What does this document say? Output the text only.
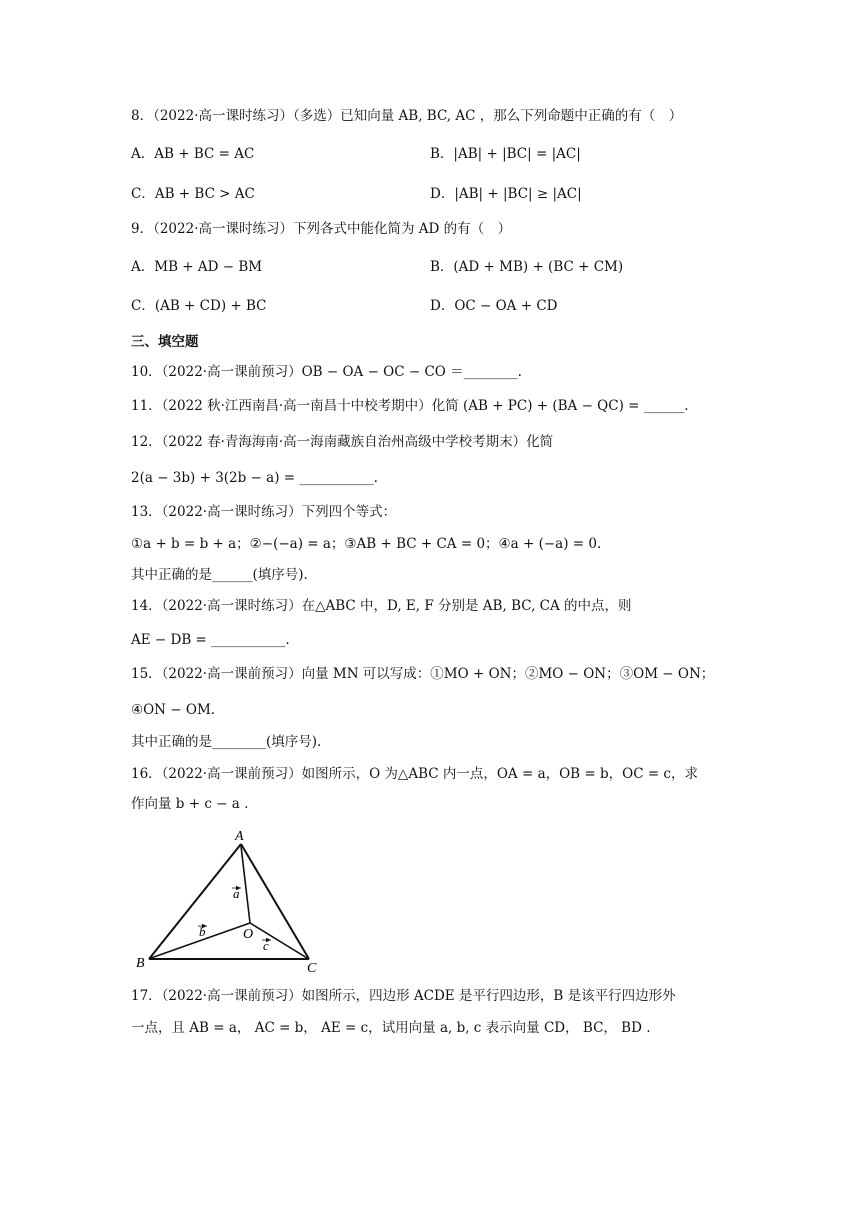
8．（2022·高一课时练习）（多选）已知向量 AB, BC, AC ，那么下列命题中正确的有（　）
A．AB + BC = AC	B．|AB| + |BC| = |AC|
C．AB + BC > AC	D．|AB| + |BC| ≥ |AC|
9．（2022·高一课时练习）下列各式中能化简为 AD 的有（　）
A．MB + AD − BM	B．(AD + MB) + (BC + CM)
C．(AB + CD) + BC	D．OC − OA + CD
三、填空题
10．（2022·高一课前预习）OB − OA − OC − CO ＝________.
11．（2022 秋·江西南昌·高一南昌十中校考期中）化简 (AB + PC) + (BA − QC) = ______.
12．（2022 春·青海海南·高一海南藏族自治州高级中学校考期末）化简
2(a − 3b) + 3(2b − a) = ___________.
13．（2022·高一课时练习）下列四个等式：
①a + b = b + a；②−(−a) = a；③AB + BC + CA = 0；④a + (−a) = 0.
其中正确的是______(填序号).
14．（2022·高一课时练习）在△ABC 中，D, E, F 分别是 AB, BC, CA 的中点，则
AE − DB = ___________.
15．（2022·高一课前预习）向量 MN 可以写成：①MO + ON；②MO − ON；③OM − ON；
④ON − OM.
其中正确的是________(填序号).
16．（2022·高一课前预习）如图所示，O 为△ABC 内一点，OA = a，OB = b，OC = c，求
作向量 b + c − a .
A
B	C
O
a
b
c
17．（2022·高一课前预习）如图所示，四边形 ACDE 是平行四边形，B 是该平行四边形外
一点，且 AB = a， AC = b， AE = c，试用向量 a, b, c 表示向量 CD， BC， BD .
